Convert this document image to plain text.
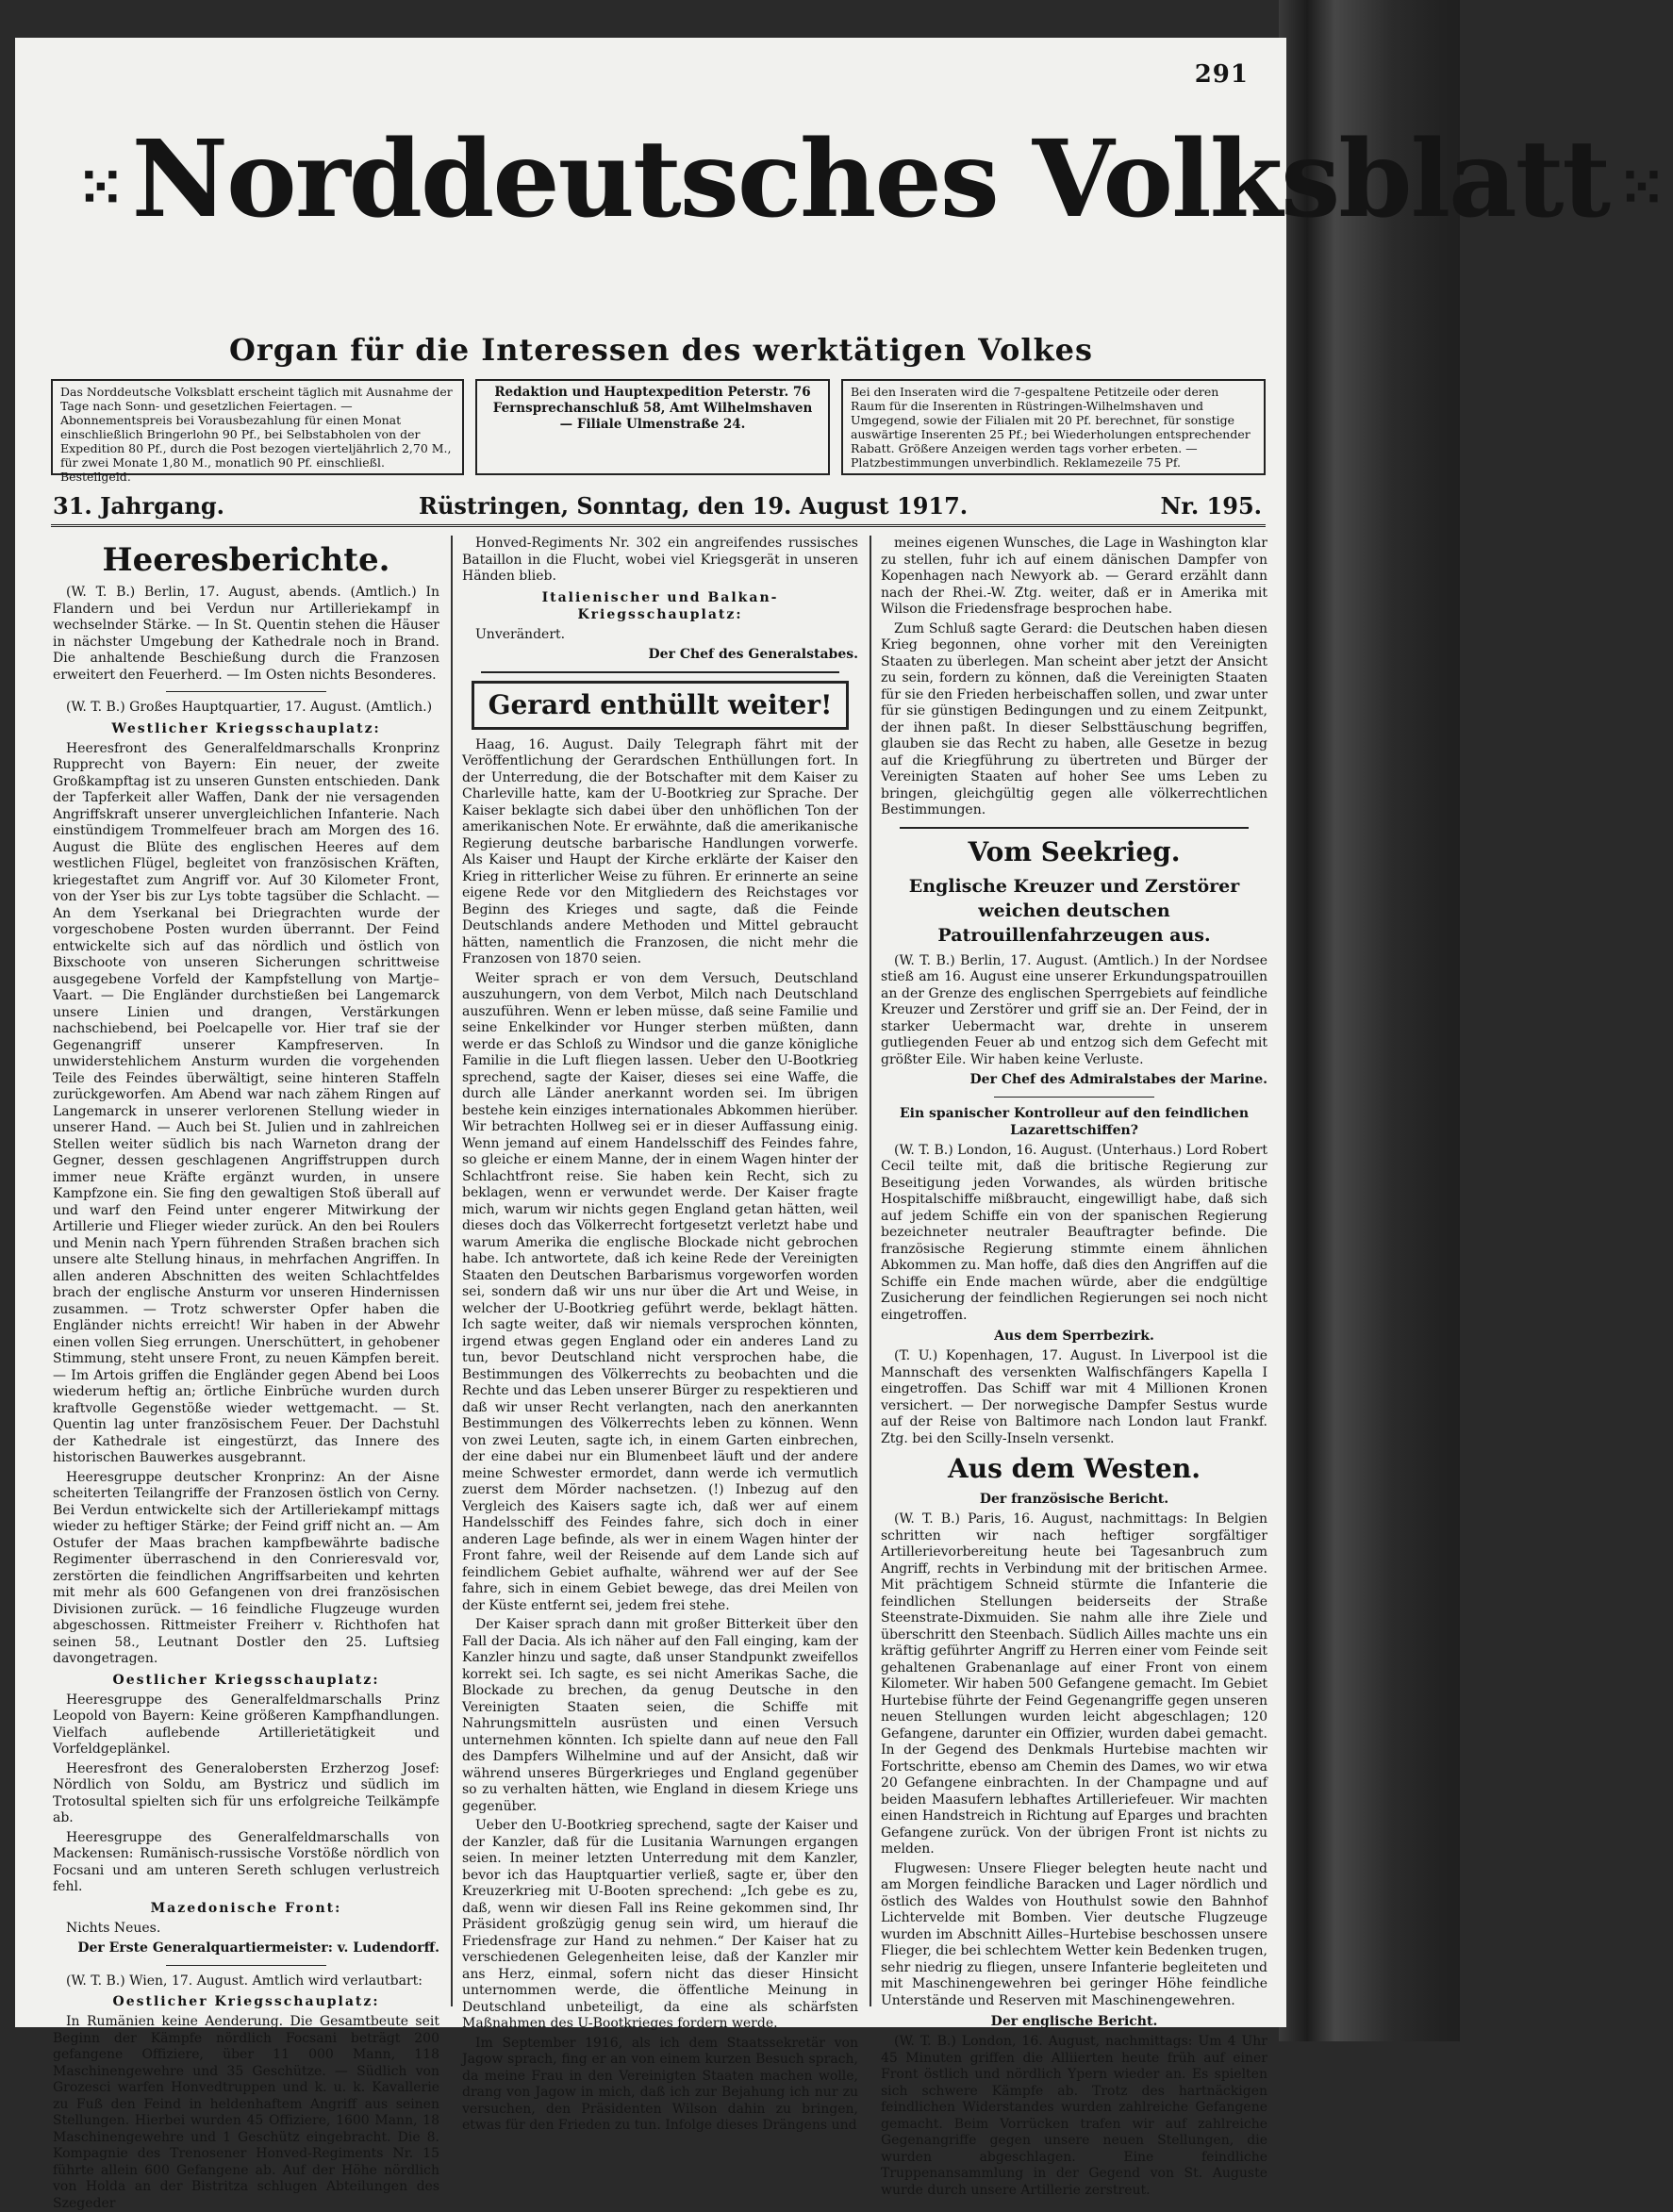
291
⁙Norddeutsches Volksblatt ⁙
Organ für die Interessen des werktätigen Volkes
Das Norddeutsche Volksblatt erscheint täglich mit Ausnahme der Tage nach Sonn- und gesetzlichen Feiertagen. — Abonnementspreis bei Vorausbezahlung für einen Monat einschließlich Bringerlohn 90 Pf., bei Selbstabholen von der Expedition 80 Pf., durch die Post bezogen vierteljährlich 2,70 M., für zwei Monate 1,80 M., monatlich 90 Pf. einschließl. Bestellgeld.
Redaktion und Hauptexpedition Peterstr. 76 Fernsprechanschluß 58, Amt Wilhelmshaven — Filiale Ulmenstraße 24.
Bei den Inseraten wird die 7-gespaltene Petitzeile oder deren Raum für die Inserenten in Rüstringen-Wilhelmshaven und Umgegend, sowie der Filialen mit 20 Pf. berechnet, für sonstige auswärtige Inserenten 25 Pf.; bei Wiederholungen entsprechender Rabatt. Größere Anzeigen werden tags vorher erbeten. — Platzbestimmungen unverbindlich. Reklamezeile 75 Pf.
31. Jahrgang.	Rüstringen, Sonntag, den 19. August 1917.	Nr. 195.
Heeresberichte.

(W. T. B.) Berlin, 17. August, abends. (Amtlich.) In Flandern und bei Verdun nur Artilleriekampf in wechselnder Stärke. — In St. Quentin stehen die Häuser in nächster Umgebung der Kathedrale noch in Brand. Die anhaltende Beschießung durch die Franzosen erweitert den Feuerherd. — Im Osten nichts Besonderes.

(W. T. B.) Großes Hauptquartier, 17. August. (Amtlich.)

Westlicher Kriegsschauplatz:

Heeresfront des Generalfeldmarschalls Kronprinz Rupprecht von Bayern: Ein neuer, der zweite Großkampftag ist zu unseren Gunsten entschieden. Dank der Tapferkeit aller Waffen, Dank der nie versagenden Angriffskraft unserer unvergleichlichen Infanterie. Nach einstündigem Trommelfeuer brach am Morgen des 16. August die Blüte des englischen Heeres auf dem westlichen Flügel, begleitet von französischen Kräften, kriegestaftet zum Angriff vor. Auf 30 Kilometer Front, von der Yser bis zur Lys tobte tagsüber die Schlacht. — An dem Yserkanal bei Driegrachten wurde der vorgeschobene Posten wurden überrannt. Der Feind entwickelte sich auf das nördlich und östlich von Bixschoote von unseren Sicherungen schrittweise ausgegebene Vorfeld der Kampfstellung von Martje–Vaart. — Die Engländer durchstießen bei Langemarck unsere Linien und drangen, Verstärkungen nachschiebend, bei Poelcapelle vor. Hier traf sie der Gegenangriff unserer Kampfreserven. In unwiderstehlichem Ansturm wurden die vorgehenden Teile des Feindes überwältigt, seine hinteren Staffeln zurückgeworfen. Am Abend war nach zähem Ringen auf Langemarck in unserer verlorenen Stellung wieder in unserer Hand. — Auch bei St. Julien und in zahlreichen Stellen weiter südlich bis nach Warneton drang der Gegner, dessen geschlagenen Angriffstruppen durch immer neue Kräfte ergänzt wurden, in unsere Kampfzone ein. Sie fing den gewaltigen Stoß überall auf und warf den Feind unter engerer Mitwirkung der Artillerie und Flieger wieder zurück. An den bei Roulers und Menin nach Ypern führenden Straßen brachen sich unsere alte Stellung hinaus, in mehrfachen Angriffen. In allen anderen Abschnitten des weiten Schlachtfeldes brach der englische Ansturm vor unseren Hindernissen zusammen. — Trotz schwerster Opfer haben die Engländer nichts erreicht! Wir haben in der Abwehr einen vollen Sieg errungen. Unerschüttert, in gehobener Stimmung, steht unsere Front, zu neuen Kämpfen bereit. — Im Artois griffen die Engländer gegen Abend bei Loos wiederum heftig an; örtliche Einbrüche wurden durch kraftvolle Gegenstöße wieder wettgemacht. — St. Quentin lag unter französischem Feuer. Der Dachstuhl der Kathedrale ist eingestürzt, das Innere des historischen Bauwerkes ausgebrannt.

Heeresgruppe deutscher Kronprinz: An der Aisne scheiterten Teilangriffe der Franzosen östlich von Cerny. Bei Verdun entwickelte sich der Artilleriekampf mittags wieder zu heftiger Stärke; der Feind griff nicht an. — Am Ostufer der Maas brachen kampfbewährte badische Regimenter überraschend in den Conrieresvald vor, zerstörten die feindlichen Angriffsarbeiten und kehrten mit mehr als 600 Gefangenen von drei französischen Divisionen zurück. — 16 feindliche Flugzeuge wurden abgeschossen. Rittmeister Freiherr v. Richthofen hat seinen 58., Leutnant Dostler den 25. Luftsieg davongetragen.

Oestlicher Kriegsschauplatz:

Heeresgruppe des Generalfeldmarschalls Prinz Leopold von Bayern: Keine größeren Kampfhandlungen. Vielfach auflebende Artillerietätigkeit und Vorfeldgeplänkel.

Heeresfront des Generalobersten Erzherzog Josef: Nördlich von Soldu, am Bystricz und südlich im Trotosultal spielten sich für uns erfolgreiche Teilkämpfe ab.

Heeresgruppe des Generalfeldmarschalls von Mackensen: Rumänisch-russische Vorstöße nördlich von Focsani und am unteren Sereth schlugen verlustreich fehl.

Mazedonische Front:

Nichts Neues.

Der Erste Generalquartiermeister: v. Ludendorff.

(W. T. B.) Wien, 17. August. Amtlich wird verlautbart:

Oestlicher Kriegsschauplatz:

In Rumänien keine Aenderung. Die Gesamtbeute seit Beginn der Kämpfe nördlich Focsani beträgt 200 gefangene Offiziere, über 11 000 Mann, 118 Maschinengewehre und 35 Geschütze. — Südlich von Grozesci warfen Honvedtruppen und k. u. k. Kavallerie zu Fuß den Feind in heldenhaftem Angriff aus seinen Stellungen. Hierbei wurden 45 Offiziere, 1600 Mann, 18 Maschinengewehre und 1 Geschütz eingebracht. Die 8. Kompagnie des Trenosener Honved-Regiments Nr. 15 führte allein 600 Gefangene ab. Auf der Höhe nördlich von Holda an der Bistritza schlugen Abteilungen des Szegeder

Honved-Regiments Nr. 302 ein angreifendes russisches Bataillon in die Flucht, wobei viel Kriegsgerät in unseren Händen blieb.

Italienischer und Balkan-Kriegsschauplatz:

Unverändert.

Der Chef des Generalstabes.
Gerard enthüllt weiter!

Haag, 16. August. Daily Telegraph fährt mit der Veröffentlichung der Gerardschen Enthüllungen fort. In der Unterredung, die der Botschafter mit dem Kaiser zu Charleville hatte, kam der U-Bootkrieg zur Sprache. Der Kaiser beklagte sich dabei über den unhöflichen Ton der amerikanischen Note. Er erwähnte, daß die amerikanische Regierung deutsche barbarische Handlungen vorwerfe. Als Kaiser und Haupt der Kirche erklärte der Kaiser den Krieg in ritterlicher Weise zu führen. Er erinnerte an seine eigene Rede vor den Mitgliedern des Reichstages vor Beginn des Krieges und sagte, daß die Feinde Deutschlands andere Methoden und Mittel gebraucht hätten, namentlich die Franzosen, die nicht mehr die Franzosen von 1870 seien.

Weiter sprach er von dem Versuch, Deutschland auszuhungern, von dem Verbot, Milch nach Deutschland auszuführen. Wenn er leben müsse, daß seine Familie und seine Enkelkinder vor Hunger sterben müßten, dann werde er das Schloß zu Windsor und die ganze königliche Familie in die Luft fliegen lassen. Ueber den U-Bootkrieg sprechend, sagte der Kaiser, dieses sei eine Waffe, die durch alle Länder anerkannt worden sei. Im übrigen bestehe kein einziges internationales Abkommen hierüber. Wir betrachten Hollweg sei er in dieser Auffassung einig. Wenn jemand auf einem Handelsschiff des Feindes fahre, so gleiche er einem Manne, der in einem Wagen hinter der Schlachtfront reise. Sie haben kein Recht, sich zu beklagen, wenn er verwundet werde. Der Kaiser fragte mich, warum wir nichts gegen England getan hätten, weil dieses doch das Völkerrecht fortgesetzt verletzt habe und warum Amerika die englische Blockade nicht gebrochen habe. Ich antwortete, daß ich keine Rede der Vereinigten Staaten den Deutschen Barbarismus vorgeworfen worden sei, sondern daß wir uns nur über die Art und Weise, in welcher der U-Bootkrieg geführt werde, beklagt hätten. Ich sagte weiter, daß wir niemals versprochen könnten, irgend etwas gegen England oder ein anderes Land zu tun, bevor Deutschland nicht versprochen habe, die Bestimmungen des Völkerrechts zu beobachten und die Rechte und das Leben unserer Bürger zu respektieren und daß wir unser Recht verlangten, nach den anerkannten Bestimmungen des Völkerrechts leben zu können. Wenn von zwei Leuten, sagte ich, in einem Garten einbrechen, der eine dabei nur ein Blumenbeet läuft und der andere meine Schwester ermordet, dann werde ich vermutlich zuerst dem Mörder nachsetzen. (!) Inbezug auf den Vergleich des Kaisers sagte ich, daß wer auf einem Handelsschiff des Feindes fahre, sich doch in einer anderen Lage befinde, als wer in einem Wagen hinter der Front fahre, weil der Reisende auf dem Lande sich auf feindlichem Gebiet aufhalte, während wer auf der See fahre, sich in einem Gebiet bewege, das drei Meilen von der Küste entfernt sei, jedem frei stehe.

Der Kaiser sprach dann mit großer Bitterkeit über den Fall der Dacia. Als ich näher auf den Fall einging, kam der Kanzler hinzu und sagte, daß unser Standpunkt zweifellos korrekt sei. Ich sagte, es sei nicht Amerikas Sache, die Blockade zu brechen, da genug Deutsche in den Vereinigten Staaten seien, die Schiffe mit Nahrungsmitteln ausrüsten und einen Versuch unternehmen könnten. Ich spielte dann auf neue den Fall des Dampfers Wilhelmine und auf der Ansicht, daß wir während unseres Bürgerkrieges und England gegenüber so zu verhalten hätten, wie England in diesem Kriege uns gegenüber.

Ueber den U-Bootkrieg sprechend, sagte der Kaiser und der Kanzler, daß für die Lusitania Warnungen ergangen seien. In meiner letzten Unterredung mit dem Kanzler, bevor ich das Hauptquartier verließ, sagte er, über den Kreuzerkrieg mit U-Booten sprechend: „Ich gebe es zu, daß, wenn wir diesen Fall ins Reine gekommen sind, Ihr Präsident großzügig genug sein wird, um hierauf die Friedensfrage zur Hand zu nehmen.“ Der Kaiser hat zu verschiedenen Gelegenheiten leise, daß der Kanzler mir ans Herz, einmal, sofern nicht das dieser Hinsicht unternommen werde, die öffentliche Meinung in Deutschland unbeteiligt, da eine als schärfsten Maßnahmen des U-Bootkrieges fordern werde.

Im September 1916, als ich dem Staatssekretär von Jagow sprach, fing er an von einem kurzen Besuch sprach, da meine Frau in den Vereinigten Staaten machen wolle, drang von Jagow in mich, daß ich zur Bejahung ich nur zu versuchen, den Präsidenten Wilson dahin zu bringen, etwas für den Frieden zu tun. Infolge dieses Drängens und

meines eigenen Wunsches, die Lage in Washington klar zu stellen, fuhr ich auf einem dänischen Dampfer von Kopenhagen nach Newyork ab. — Gerard erzählt dann nach der Rhei.-W. Ztg. weiter, daß er in Amerika mit Wilson die Friedensfrage besprochen habe.

Zum Schluß sagte Gerard: die Deutschen haben diesen Krieg begonnen, ohne vorher mit den Vereinigten Staaten zu überlegen. Man scheint aber jetzt der Ansicht zu sein, fordern zu können, daß die Vereinigten Staaten für sie den Frieden herbeischaffen sollen, und zwar unter für sie günstigen Bedingungen und zu einem Zeitpunkt, der ihnen paßt. In dieser Selbsttäuschung begriffen, glauben sie das Recht zu haben, alle Gesetze in bezug auf die Kriegführung zu übertreten und Bürger der Vereinigten Staaten auf hoher See ums Leben zu bringen, gleichgültig gegen alle völkerrechtlichen Bestimmungen.

Vom Seekrieg.
Englische Kreuzer und Zerstörer weichen deutschen Patrouillenfahrzeugen aus.

(W. T. B.) Berlin, 17. August. (Amtlich.) In der Nordsee stieß am 16. August eine unserer Erkundungspatrouillen an der Grenze des englischen Sperrgebiets auf feindliche Kreuzer und Zerstörer und griff sie an. Der Feind, der in starker Uebermacht war, drehte in unserem gutliegenden Feuer ab und entzog sich dem Gefecht mit größter Eile. Wir haben keine Verluste.

Der Chef des Admiralstabes der Marine.
Ein spanischer Kontrolleur auf den feindlichen Lazarettschiffen?

(W. T. B.) London, 16. August. (Unterhaus.) Lord Robert Cecil teilte mit, daß die britische Regierung zur Beseitigung jeden Vorwandes, als würden britische Hospitalschiffe mißbraucht, eingewilligt habe, daß sich auf jedem Schiffe ein von der spanischen Regierung bezeichneter neutraler Beauftragter befinde. Die französische Regierung stimmte einem ähnlichen Abkommen zu. Man hoffe, daß dies den Angriffen auf die Schiffe ein Ende machen würde, aber die endgültige Zusicherung der feindlichen Regierungen sei noch nicht eingetroffen.

Aus dem Sperrbezirk.

(T. U.) Kopenhagen, 17. August. In Liverpool ist die Mannschaft des versenkten Walfischfängers Kapella I eingetroffen. Das Schiff war mit 4 Millionen Kronen versichert. — Der norwegische Dampfer Sestus wurde auf der Reise von Baltimore nach London laut Frankf. Ztg. bei den Scilly-Inseln versenkt.

Aus dem Westen.
Der französische Bericht.

(W. T. B.) Paris, 16. August, nachmittags: In Belgien schritten wir nach heftiger sorgfältiger Artillerievorbereitung heute bei Tagesanbruch zum Angriff, rechts in Verbindung mit der britischen Armee. Mit prächtigem Schneid stürmte die Infanterie die feindlichen Stellungen beiderseits der Straße Steenstrate-Dixmuiden. Sie nahm alle ihre Ziele und überschritt den Steenbach. Südlich Ailles machte uns ein kräftig geführter Angriff zu Herren einer vom Feinde seit gehaltenen Grabenanlage auf einer Front von einem Kilometer. Wir haben 500 Gefangene gemacht. Im Gebiet Hurtebise führte der Feind Gegenangriffe gegen unseren neuen Stellungen wurden leicht abgeschlagen; 120 Gefangene, darunter ein Offizier, wurden dabei gemacht. In der Gegend des Denkmals Hurtebise machten wir Fortschritte, ebenso am Chemin des Dames, wo wir etwa 20 Gefangene einbrachten. In der Champagne und auf beiden Maasufern lebhaftes Artilleriefeuer. Wir machten einen Handstreich in Richtung auf Eparges und brachten Gefangene zurück. Von der übrigen Front ist nichts zu melden.

Flugwesen: Unsere Flieger belegten heute nacht und am Morgen feindliche Baracken und Lager nördlich und östlich des Waldes von Houthulst sowie den Bahnhof Lichtervelde mit Bomben. Vier deutsche Flugzeuge wurden im Abschnitt Ailles–Hurtebise beschossen unsere Flieger, die bei schlechtem Wetter kein Bedenken trugen, sehr niedrig zu fliegen, unsere Infanterie begleiteten und mit Maschinengewehren bei geringer Höhe feindliche Unterstände und Reserven mit Maschinengewehren.

Der englische Bericht.

(W. T. B.) London, 16. August, nachmittags: Um 4 Uhr 45 Minuten griffen die Alliierten heute früh auf einer Front östlich und nördlich Ypern wieder an. Es spielten sich schwere Kämpfe ab. Trotz des hartnäckigen feindlichen Widerstandes wurden zahlreiche Gefangene gemacht. Beim Vorrücken trafen wir auf zahlreiche Gegenangriffe gegen unsere neuen Stellungen, die wurden abgeschlagen. Eine feindliche Truppenansammlung in der Gegend von St. Auguste wurde durch unsere Artillerie zerstreut.
